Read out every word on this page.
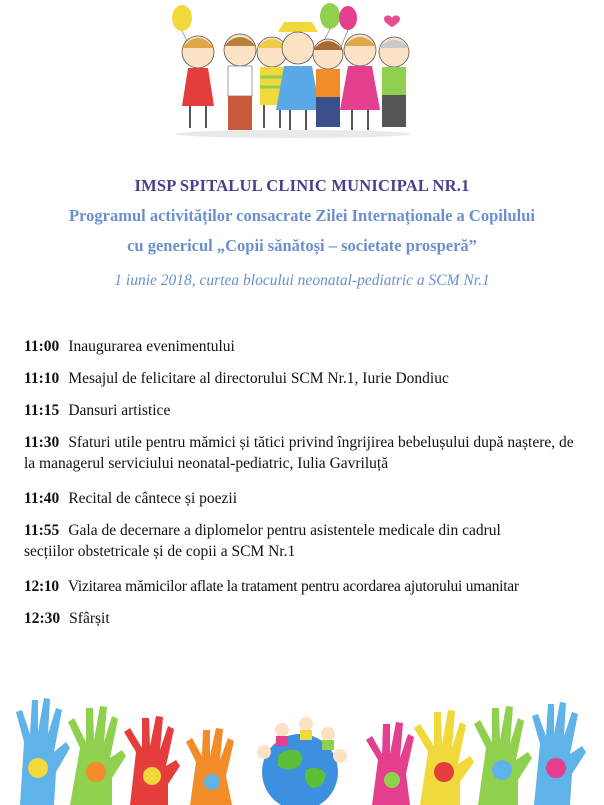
IMSP SPITALUL CLINIC MUNICIPAL NR.1
Programul activităților consacrate Zilei Internaționale a Copilului
cu genericul „Copii sănătoși – societate prosperă”
1 iunie 2018, curtea blocului neonatal-pediatric a SCM Nr.1
11:00 Inaugurarea evenimentului
11:10 Mesajul de felicitare al directorului SCM Nr.1, Iurie Dondiuc
11:15 Dansuri artistice
11:30 Sfaturi utile pentru mămici și tătici privind îngrijirea bebelușului după naștere, de la managerul serviciului neonatal-pediatric, Iulia Gavriluță
11:40 Recital de cântece și poezii
11:55 Gala de decernare a diplomelor pentru asistentele medicale din cadrul secțiilor obstetricale și de copii a SCM Nr.1
12:10 Vizitarea mămicilor aflate la tratament pentru acordarea ajutorului umanitar
12:30 Sfârșit
